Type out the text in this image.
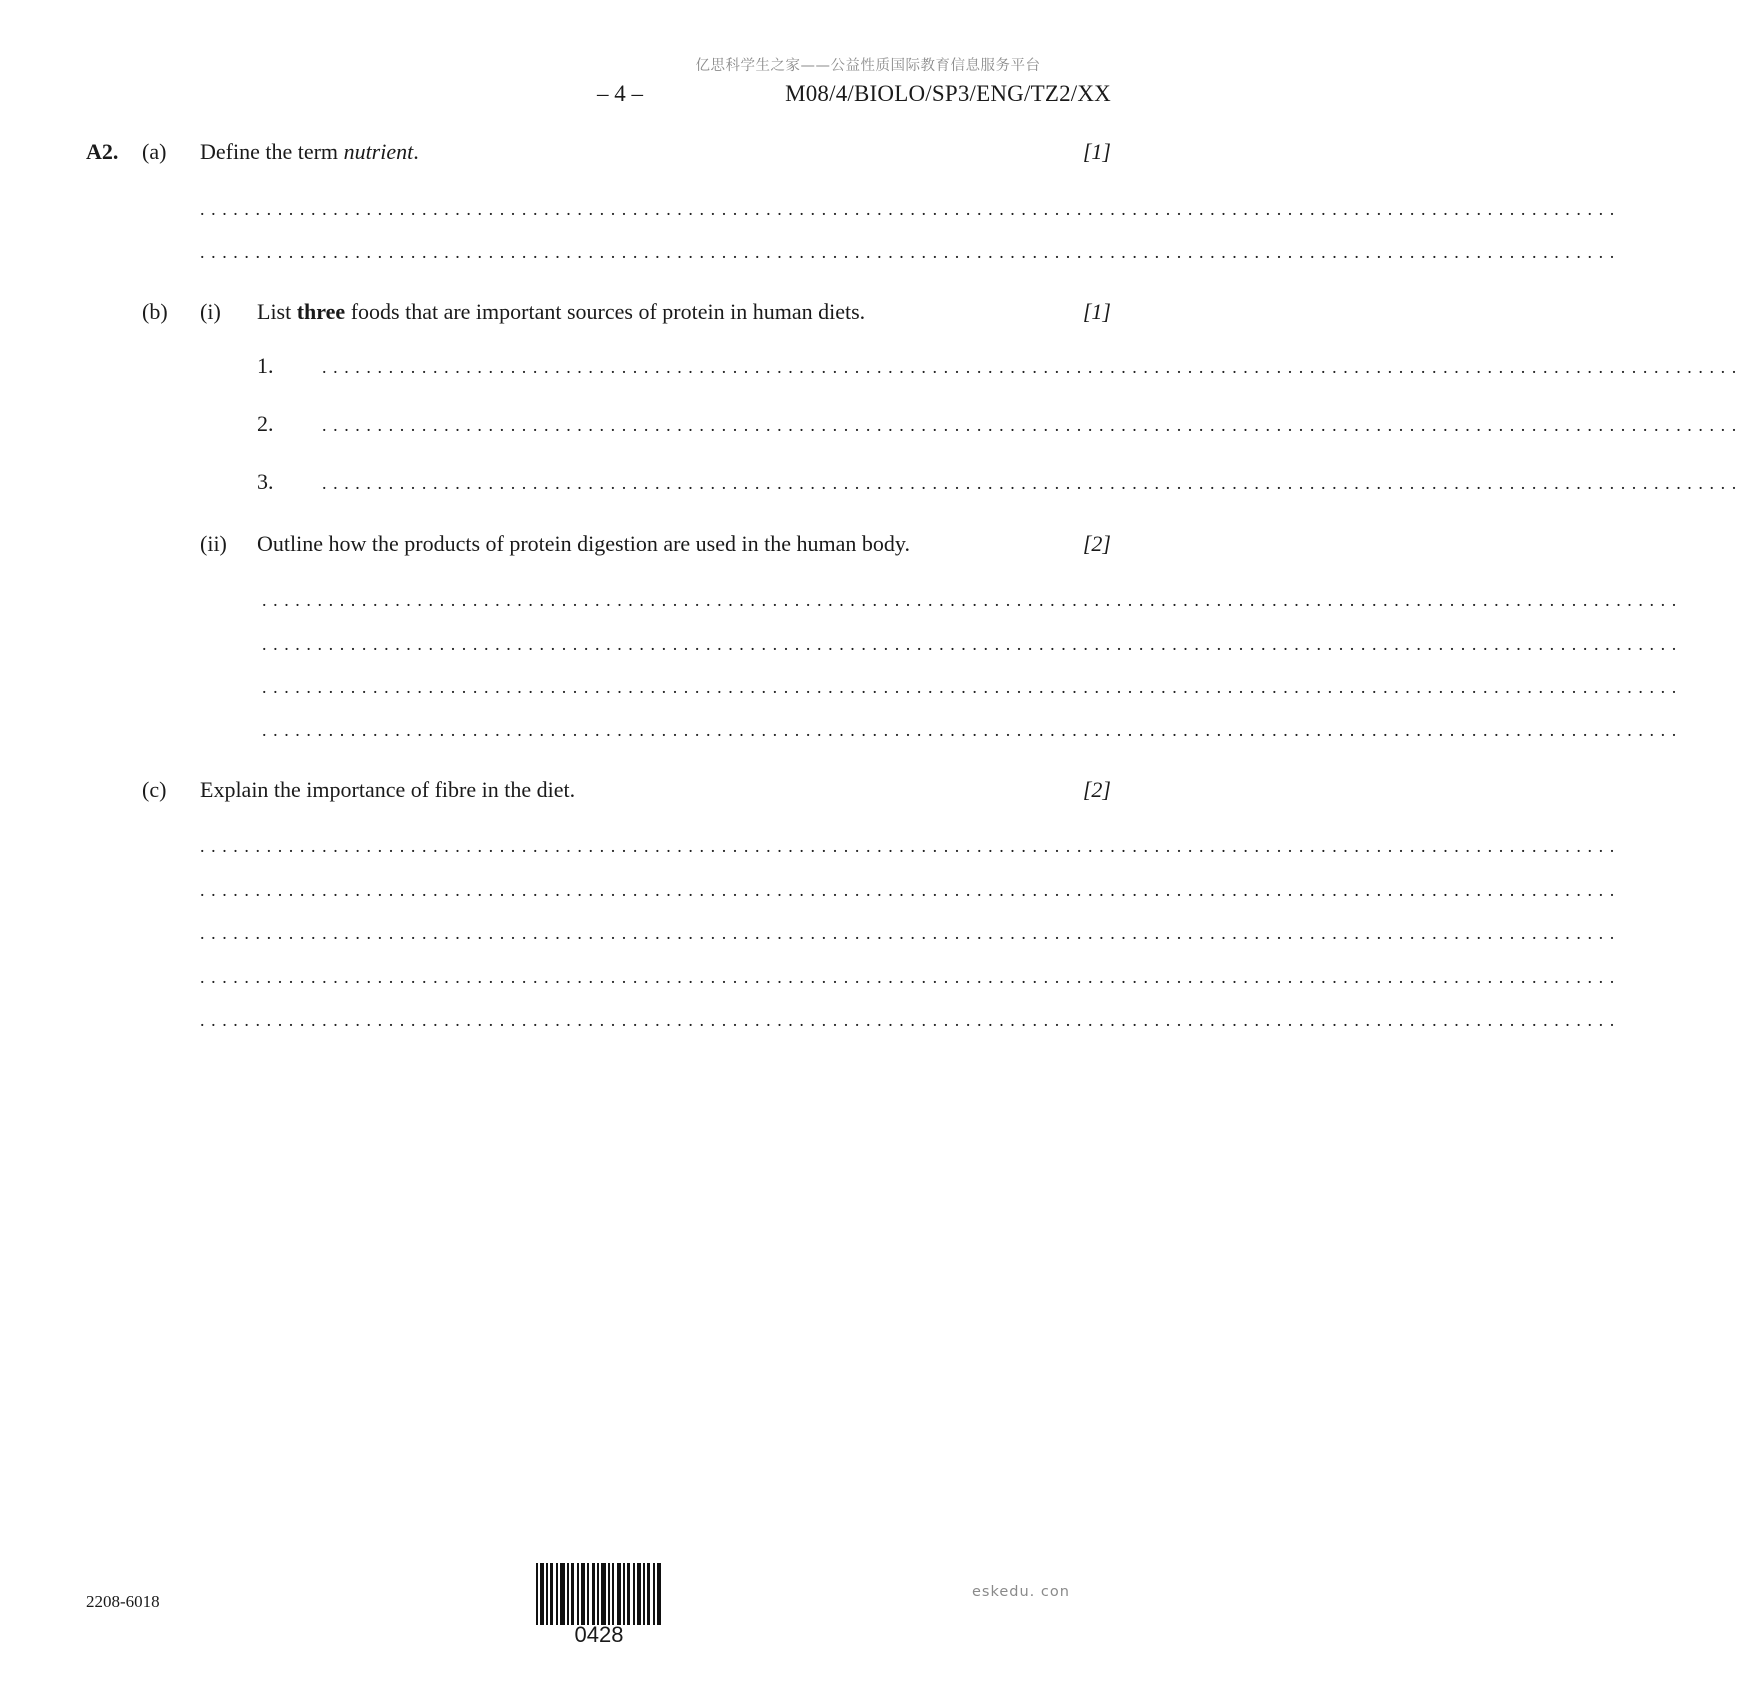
亿思科学生之家——公益性质国际教育信息服务平台
– 4 –	M08/4/BIOLO/SP3/ENG/TZ2/XX
A2. (a) Define the term nutrient.	[1]
................................................................................................................................
................................................................................................................................
(b) (i) List three foods that are important sources of protein in human diets.	[1]
1.	................................................................................................................................
2.	................................................................................................................................
3.	................................................................................................................................
(ii) Outline how the products of protein digestion are used in the human body.	[2]
................................................................................................................................
................................................................................................................................
................................................................................................................................
................................................................................................................................
(c) Explain the importance of fibre in the diet.	[2]
................................................................................................................................
................................................................................................................................
................................................................................................................................
................................................................................................................................
................................................................................................................................
2208-6018
0428
eskedu. con
